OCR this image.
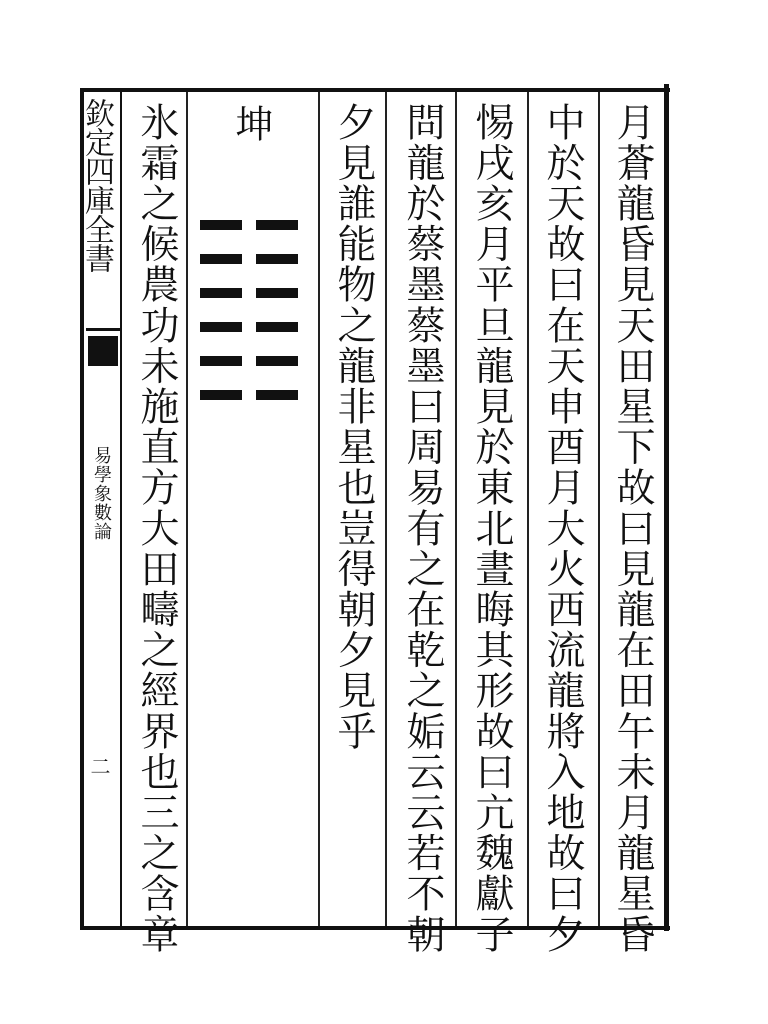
欽定四庫全書
易學象數論
二
坤	月蒼龍昏見天田星下故曰見龍在田午未月龍星昏
中於天故曰在天申酉月大火西流龍將入地故曰夕
惕戌亥月平旦龍見於東北晝晦其形故曰亢魏獻子
問龍於蔡墨蔡墨曰周易有之在乾之姤云云若不朝
夕見誰能物之龍非星也豈得朝夕見乎
氷霜之候農功未施直方大田疇之經界也三之含章
